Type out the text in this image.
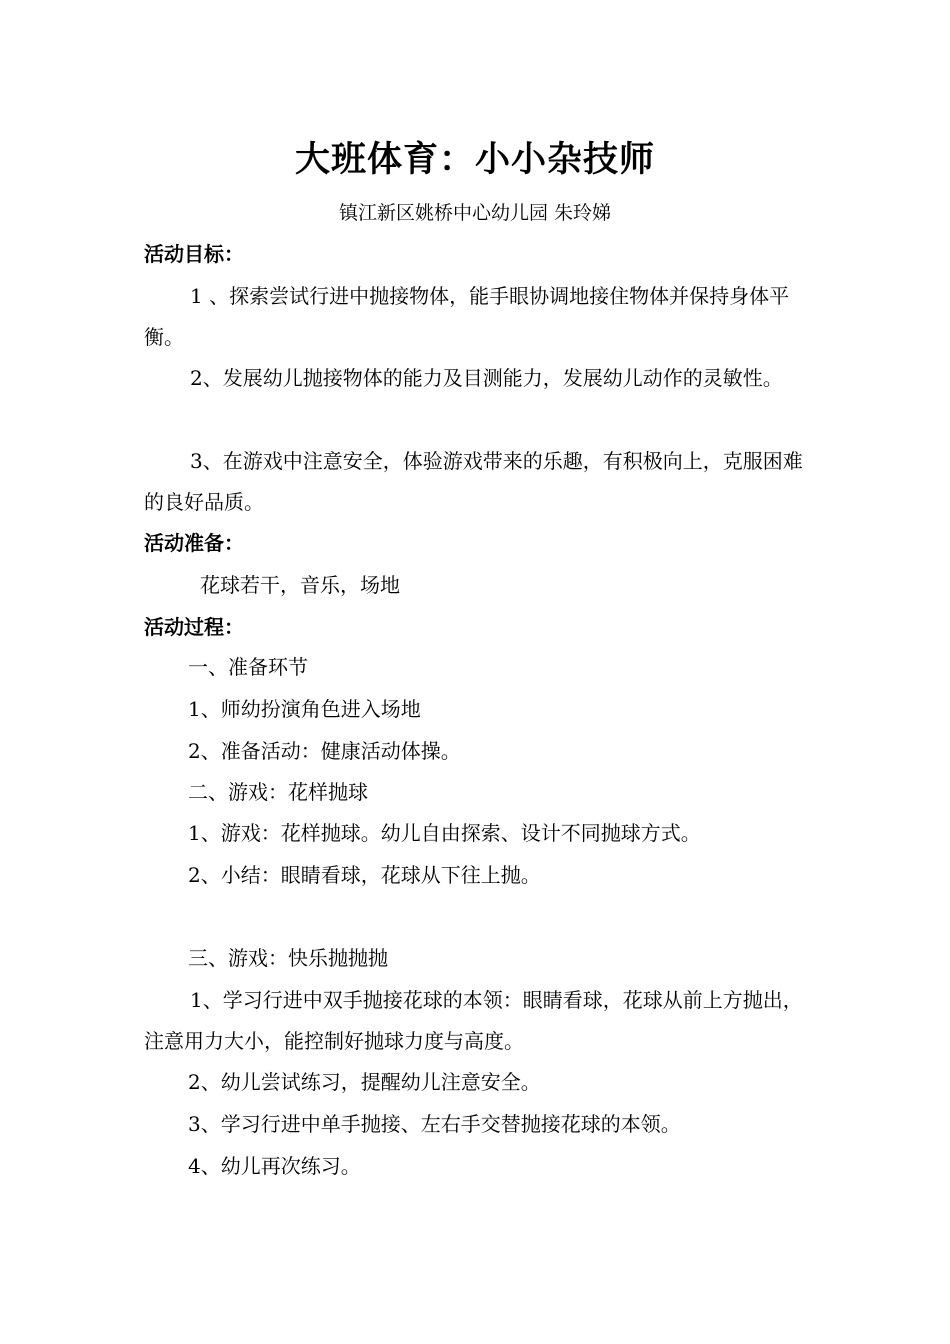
大班体育：小小杂技师
镇江新区姚桥中心幼儿园 朱玲娣
活动目标：
1 、探索尝试行进中抛接物体，能手眼协调地接住物体并保持身体平衡。
2、发展幼儿抛接物体的能力及目测能力，发展幼儿动作的灵敏性。
3、在游戏中注意安全，体验游戏带来的乐趣，有积极向上，克服困难的良好品质。
活动准备：
花球若干，音乐，场地
活动过程：
一、准备环节
1、师幼扮演角色进入场地
2、准备活动：健康活动体操。
二、游戏：花样抛球
1、游戏：花样抛球。幼儿自由探索、设计不同抛球方式。
2、小结：眼睛看球，花球从下往上抛。
三、游戏：快乐抛抛抛
1、学习行进中双手抛接花球的本领：眼睛看球，花球从前上方抛出，注意用力大小，能控制好抛球力度与高度。
2、幼儿尝试练习，提醒幼儿注意安全。
3、学习行进中单手抛接、左右手交替抛接花球的本领。
4、幼儿再次练习。
